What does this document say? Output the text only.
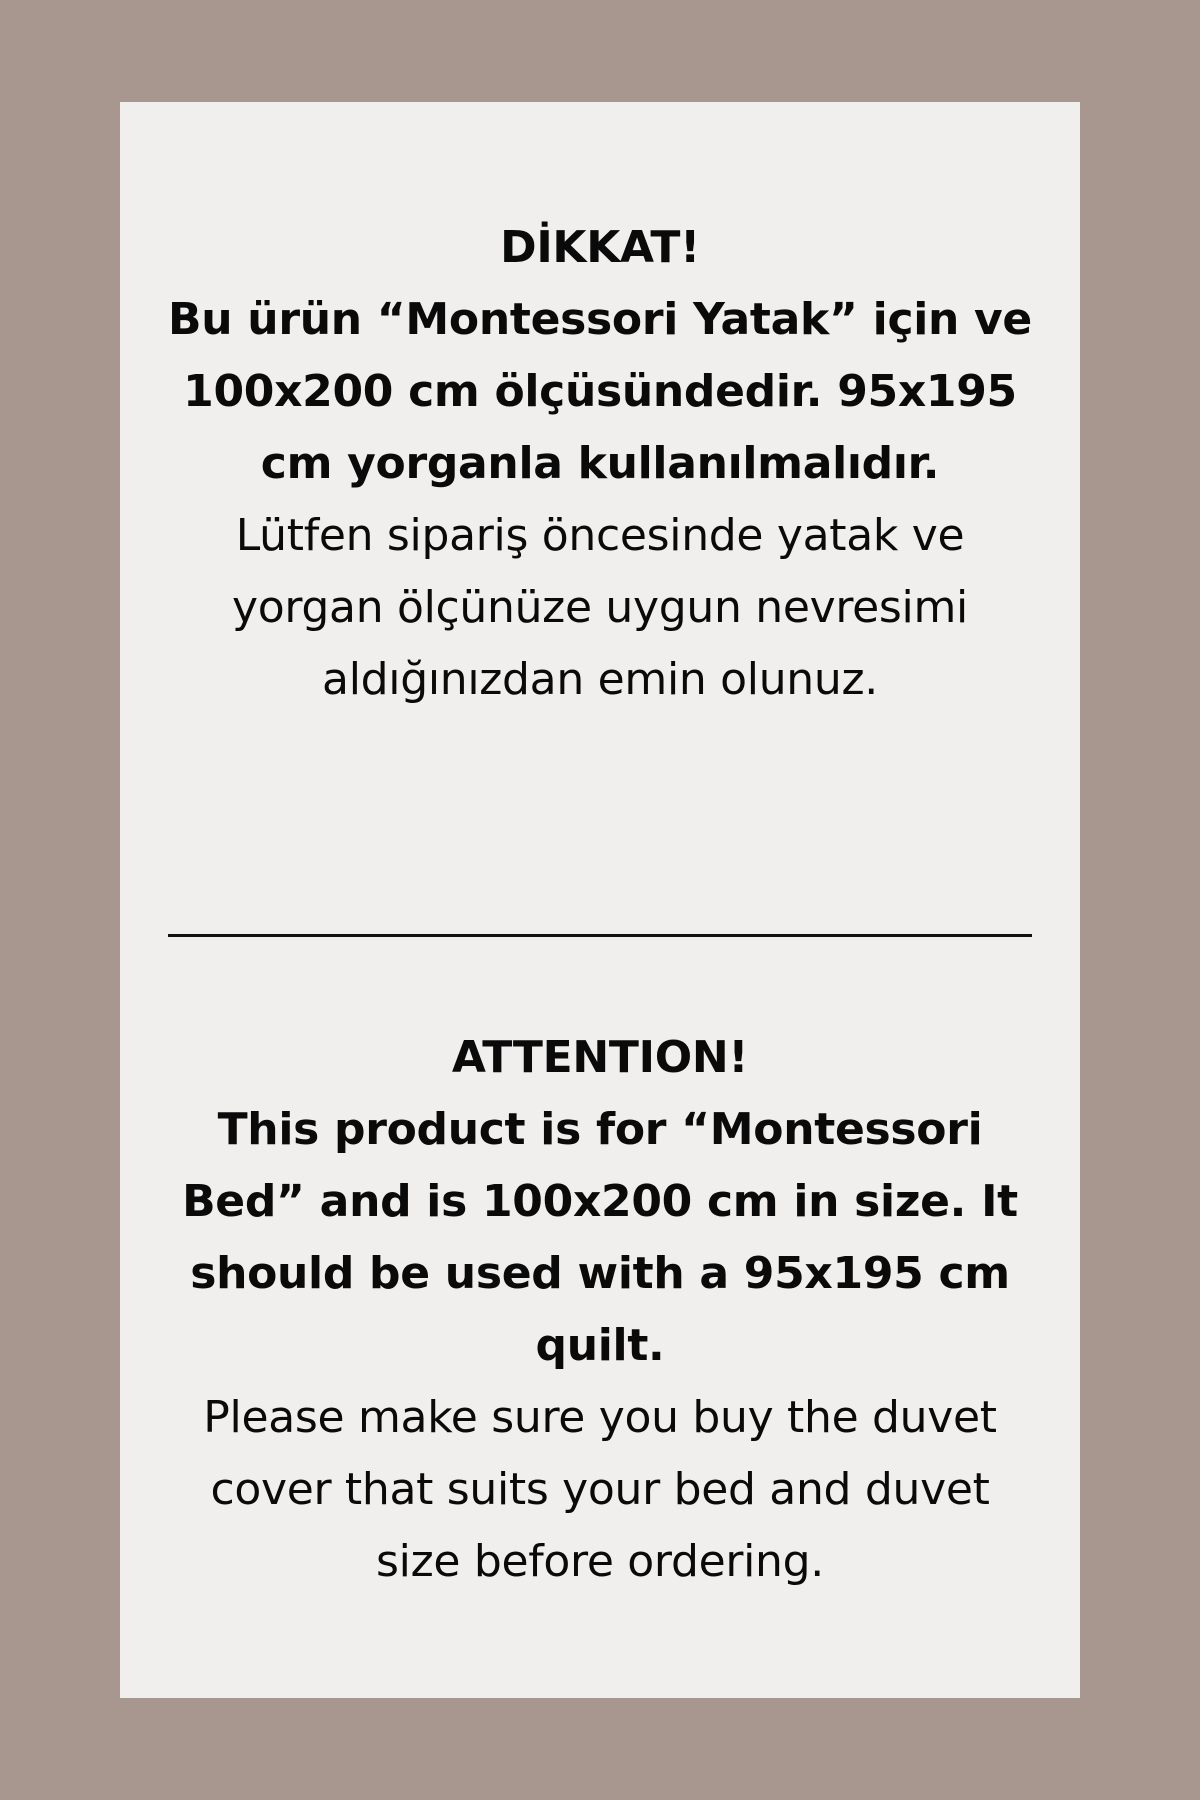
DİKKAT!
Bu ürün “Montessori Yatak” için ve 100x200 cm ölçüsündedir. 95x195 cm yorganla kullanılmalıdır.
Lütfen sipariş öncesinde yatak ve yorgan ölçünüze uygun nevresimi aldığınızdan emin olunuz.
ATTENTION!
This product is for “Montessori Bed” and is 100x200 cm in size. It should be used with a 95x195 cm quilt.
Please make sure you buy the duvet cover that suits your bed and duvet size before ordering.
